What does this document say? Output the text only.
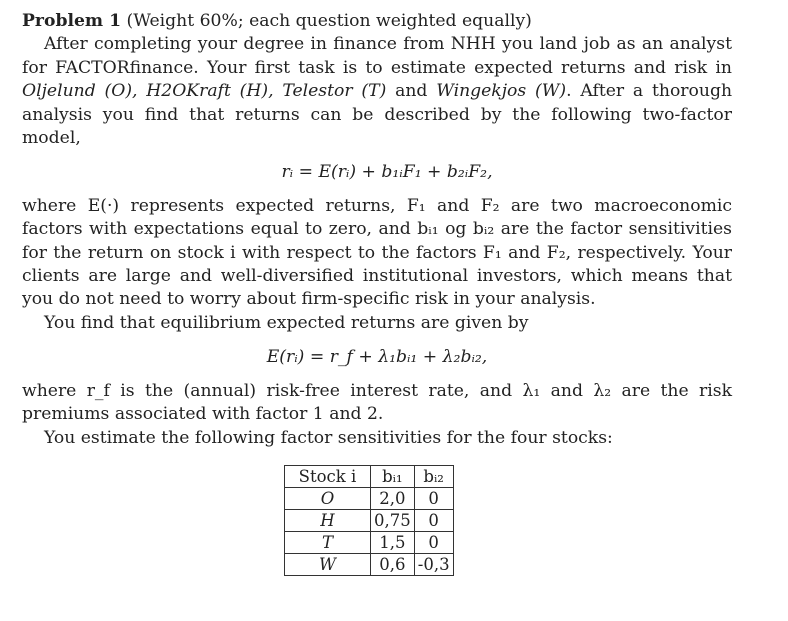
Problem 1 (Weight 60%; each question weighted equally)

After completing your degree in finance from NHH you land job as an analyst for FACTORfinance. Your first task is to estimate expected returns and risk in Oljelund (O), H2OKraft (H), Telestor (T) and Wingekjos (W). After a thorough analysis you find that returns can be described by the following two-factor model,

rᵢ = E(rᵢ) + b₁ᵢF₁ + b₂ᵢF₂,

where E(·) represents expected returns, F₁ and F₂ are two macroeconomic factors with expectations equal to zero, and bᵢ₁ og bᵢ₂ are the factor sensitivities for the return on stock i with respect to the factors F₁ and F₂, respectively. Your clients are large and well-diversified institutional investors, which means that you do not need to worry about firm-specific risk in your analysis.

You find that equilibrium expected returns are given by

E(rᵢ) = r_f + λ₁bᵢ₁ + λ₂bᵢ₂,

where r_f is the (annual) risk-free interest rate, and λ₁ and λ₂ are the risk premiums associated with factor 1 and 2.

You estimate the following factor sensitivities for the four stocks:

Stock i	bᵢ₁	bᵢ₂
O	2,0	0
H	0,75	0
T	1,5	0
W	0,6	-0,3
